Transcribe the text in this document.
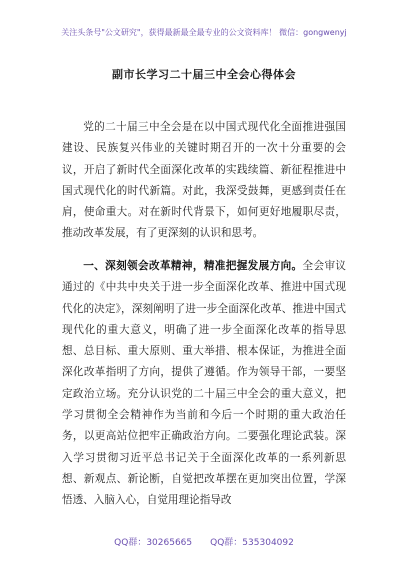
关注头条号"公文研究"，获得最新最全最专业的公文资料库！ 微信：gongwenyj
副市长学习二十届三中全会心得体会

党的二十届三中全会是在以中国式现代化全面推进强国建设、民族复兴伟业的关键时期召开的一次十分重要的会议，开启了新时代全面深化改革的实践续篇、新征程推进中国式现代化的时代新篇。对此，我深受鼓舞，更感到责任在肩，使命重大。对在新时代背景下，如何更好地履职尽责，推动改革发展，有了更深刻的认识和思考。

一、深刻领会改革精神，精准把握发展方向。全会审议通过的《中共中央关于进一步全面深化改革、推进中国式现代化的决定》，深刻阐明了进一步全面深化改革、推进中国式现代化的重大意义，明确了进一步全面深化改革的指导思想、总目标、重大原则、重大举措、根本保证，为推进全面深化改革指明了方向，提供了遵循。作为领导干部，一要坚定政治立场。充分认识党的二十届三中全会的重大意义，把学习贯彻全会精神作为当前和今后一个时期的重大政治任务，以更高站位把牢正确政治方向。二要强化理论武装。深入学习贯彻习近平总书记关于全面深化改革的一系列新思想、新观点、新论断，自觉把改革摆在更加突出位置，学深悟透、入脑入心，自觉用理论指导改

QQ群：30265665 QQ群：535304092
